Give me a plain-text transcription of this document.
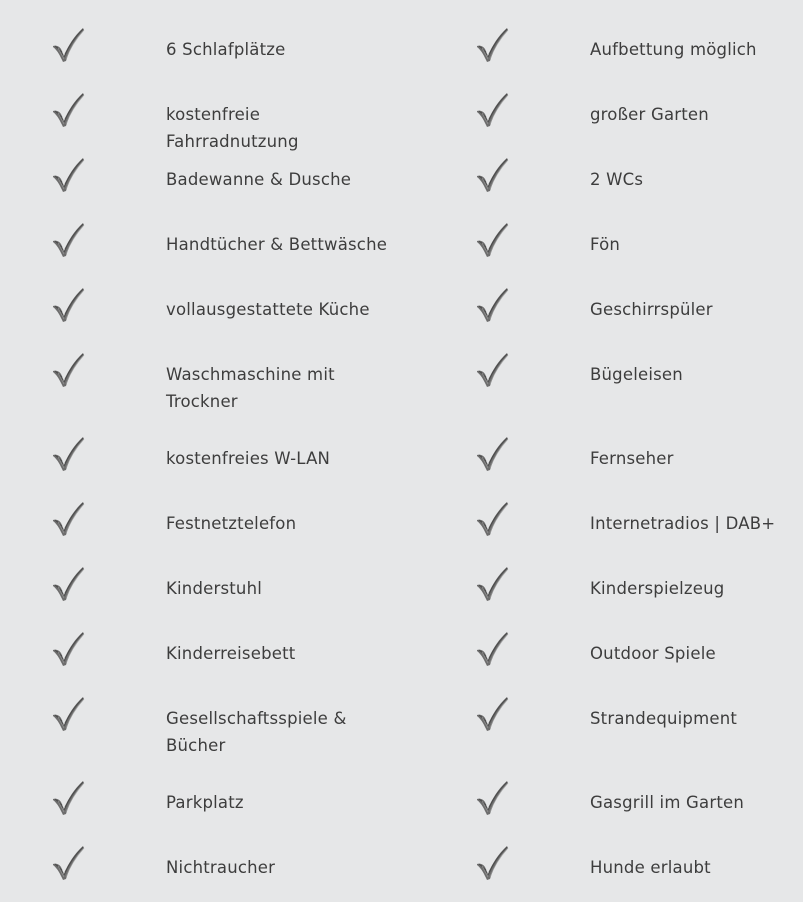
6 Schlafplätze
kostenfreie Fahrradnutzung
Badewanne & Dusche
Handtücher & Bettwäsche
vollausgestattete Küche
Waschmaschine mit Trockner
kostenfreies W-LAN
Festnetztelefon
Kinderstuhl
Kinderreisebett
Gesellschaftsspiele & Bücher
Parkplatz
Nichtraucher
Aufbettung möglich
großer Garten
2 WCs
Fön
Geschirrspüler
Bügeleisen
Fernseher
Internetradios | DAB+
Kinderspielzeug
Outdoor Spiele
Strandequipment
Gasgrill im Garten
Hunde erlaubt
